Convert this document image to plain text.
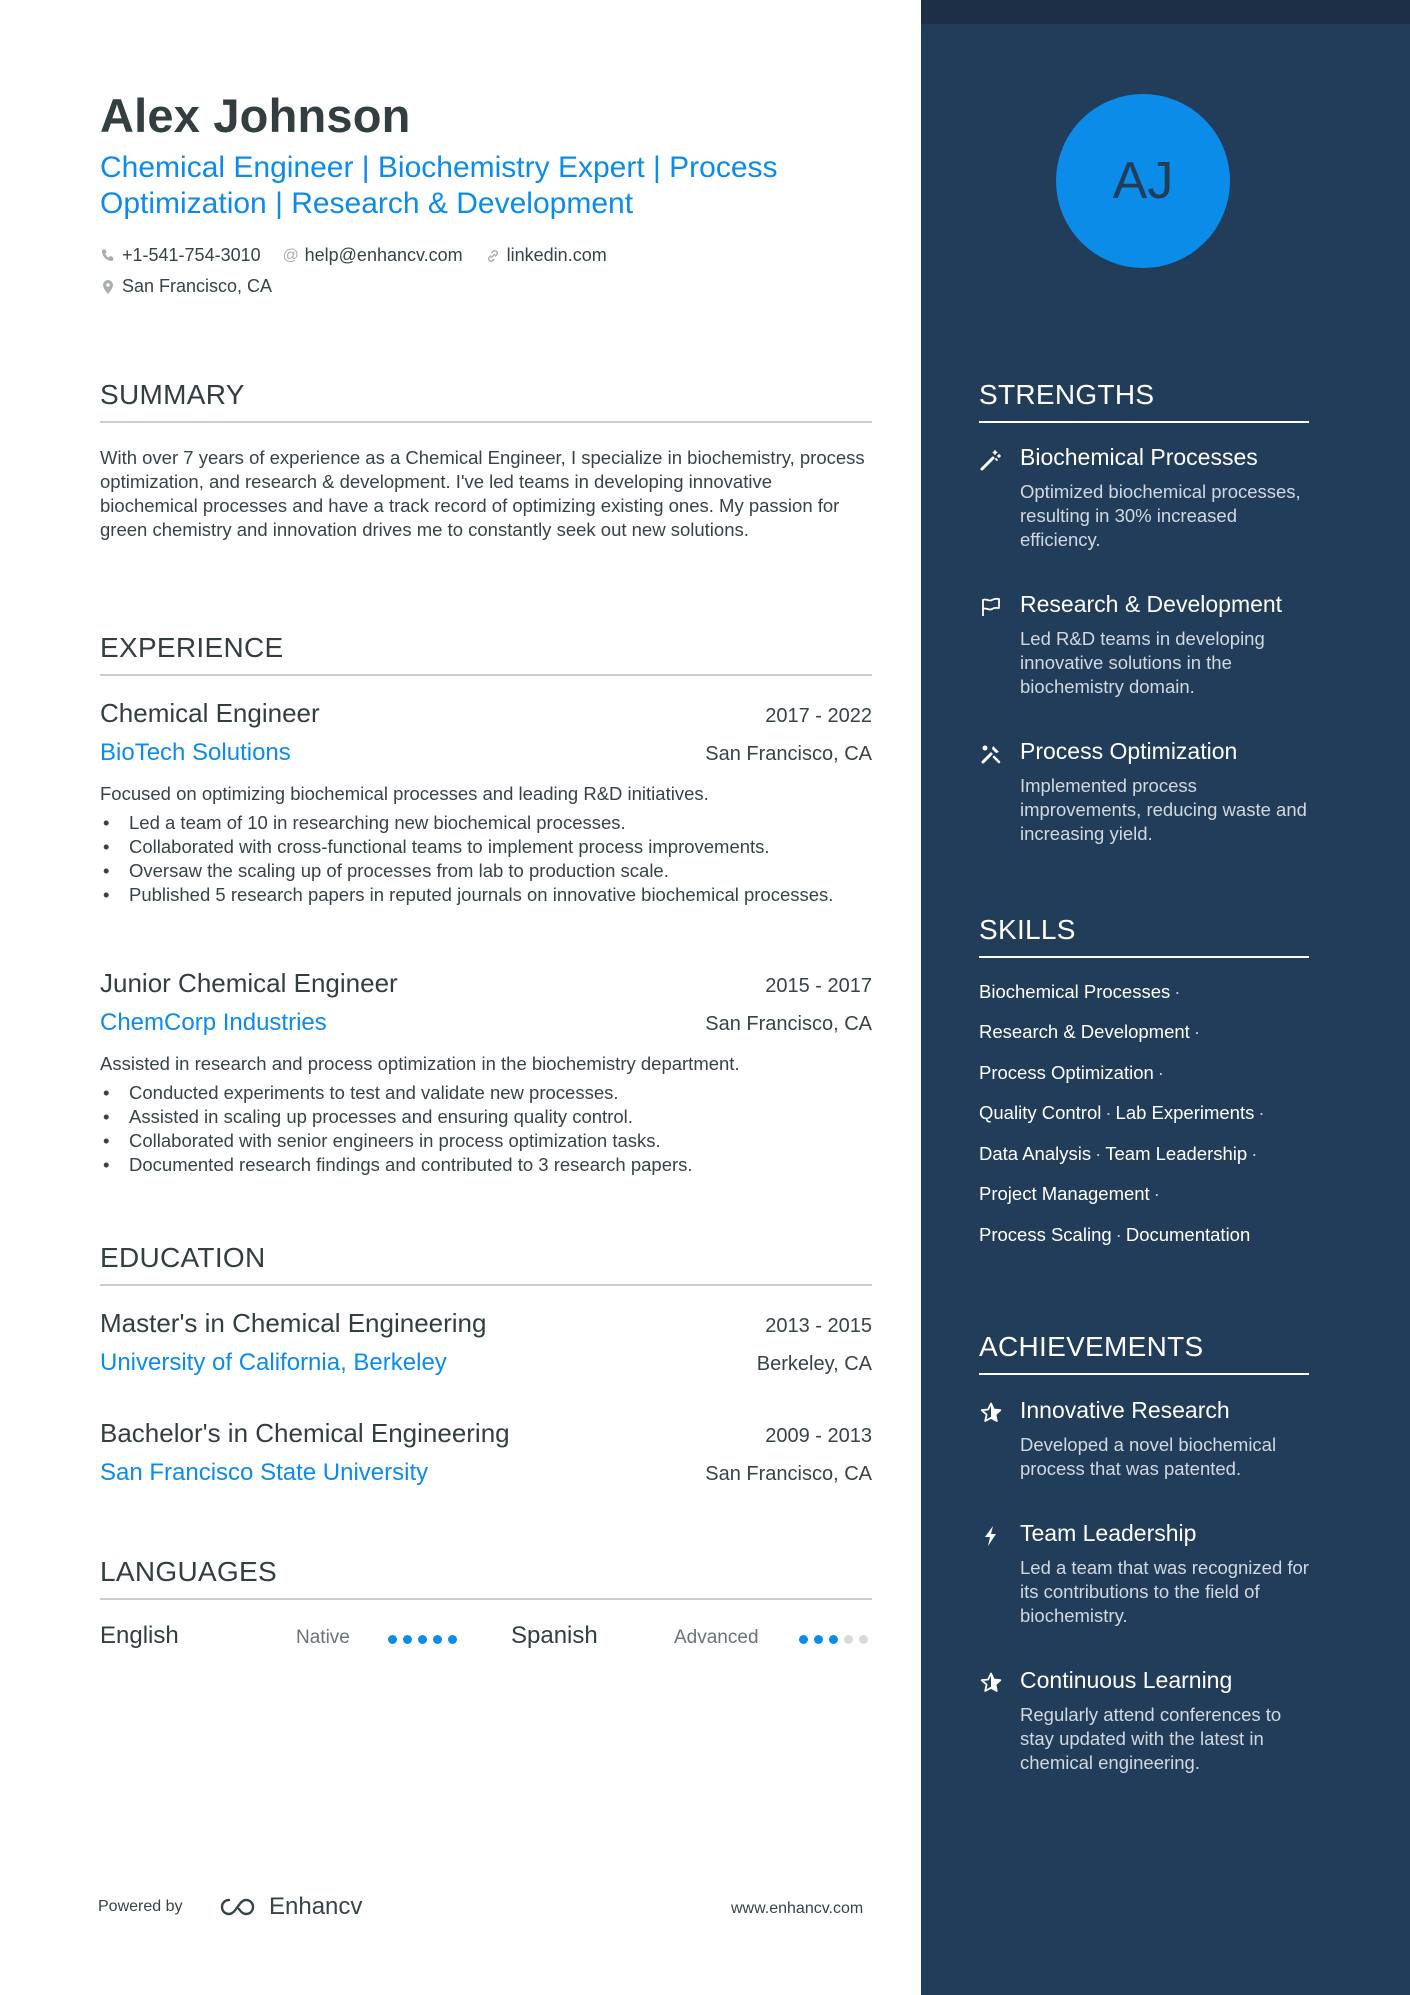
Alex Johnson
Chemical Engineer | Biochemistry Expert | Process Optimization | Research & Development
+1-541-754-3010 @ help@enhancv.com linkedin.com
San Francisco, CA
SUMMARY
With over 7 years of experience as a Chemical Engineer, I specialize in biochemistry, process optimization, and research & development. I've led teams in developing innovative biochemical processes and have a track record of optimizing existing ones. My passion for green chemistry and innovation drives me to constantly seek out new solutions.
EXPERIENCE
Chemical Engineer	2017 - 2022
BioTech Solutions	San Francisco, CA
Focused on optimizing biochemical processes and leading R&D initiatives.
• Led a team of 10 in researching new biochemical processes.
• Collaborated with cross-functional teams to implement process improvements.
• Oversaw the scaling up of processes from lab to production scale.
• Published 5 research papers in reputed journals on innovative biochemical processes.
Junior Chemical Engineer	2015 - 2017
ChemCorp Industries	San Francisco, CA
Assisted in research and process optimization in the biochemistry department.
• Conducted experiments to test and validate new processes.
• Assisted in scaling up processes and ensuring quality control.
• Collaborated with senior engineers in process optimization tasks.
• Documented research findings and contributed to 3 research papers.
EDUCATION
Master's in Chemical Engineering	2013 - 2015
University of California, Berkeley	Berkeley, CA
Bachelor's in Chemical Engineering	2009 - 2013
San Francisco State University	San Francisco, CA
LANGUAGES
English	Native	Spanish	Advanced
Powered by	Enhancv	www.enhancv.com
AJ
STRENGTHS
Biochemical Processes
Optimized biochemical processes, resulting in 30% increased efficiency.
Research & Development
Led R&D teams in developing innovative solutions in the biochemistry domain.
Process Optimization
Implemented process improvements, reducing waste and increasing yield.
SKILLS
Biochemical Processes ·
Research & Development ·
Process Optimization ·
Quality Control · Lab Experiments ·
Data Analysis · Team Leadership ·
Project Management ·
Process Scaling · Documentation
ACHIEVEMENTS
Innovative Research
Developed a novel biochemical process that was patented.
Team Leadership
Led a team that was recognized for its contributions to the field of biochemistry.
Continuous Learning
Regularly attend conferences to stay updated with the latest in chemical engineering.
